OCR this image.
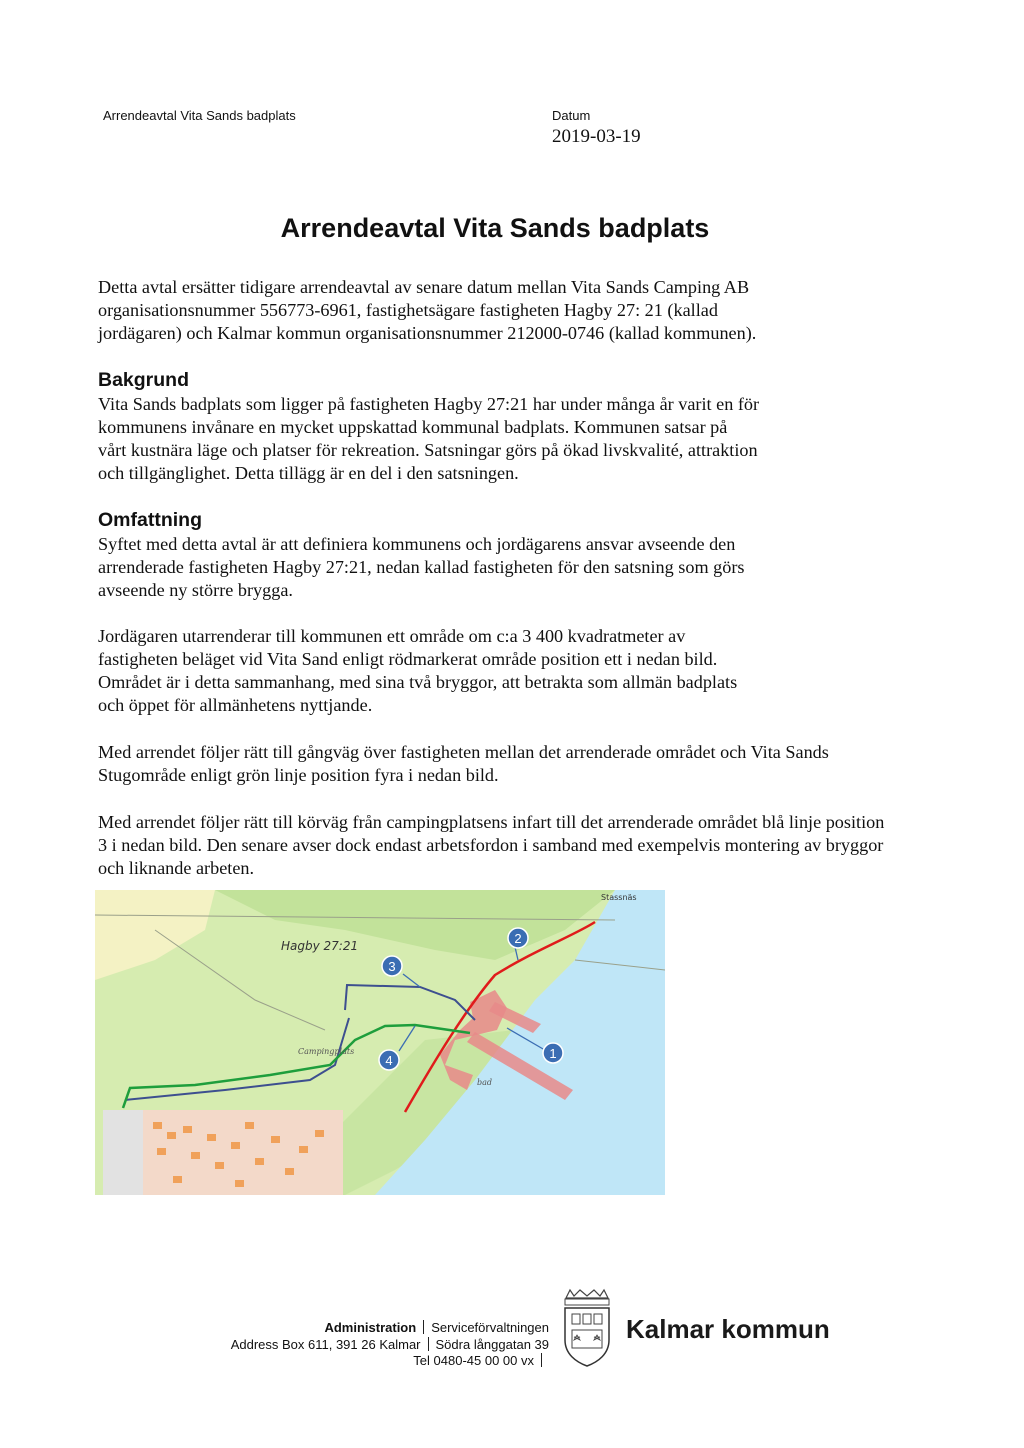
Arrendeavtal Vita Sands badplats	Datum
2019-03-19
Arrendeavtal Vita Sands badplats

Detta avtal ersätter tidigare arrendeavtal av senare datum mellan Vita Sands Camping AB
organisationsnummer 556773-6961, fastighetsägare fastigheten Hagby 27: 21 (kallad
jordägaren) och Kalmar kommun organisationsnummer 212000-0746 (kallad kommunen).

Bakgrund

Vita Sands badplats som ligger på fastigheten Hagby 27:21 har under många år varit en för
kommunens invånare en mycket uppskattad kommunal badplats. Kommunen satsar på
vårt kustnära läge och platser för rekreation. Satsningar görs på ökad livskvalité, attraktion
och tillgänglighet. Detta tillägg är en del i den satsningen.

Omfattning

Syftet med detta avtal är att definiera kommunens och jordägarens ansvar avseende den
arrenderade fastigheten Hagby 27:21, nedan kallad fastigheten för den satsning som görs
avseende ny större brygga.

Jordägaren utarrenderar till kommunen ett område om c:a 3 400 kvadratmeter av
fastigheten beläget vid Vita Sand enligt rödmarkerat område position ett i nedan bild.
Området är i detta sammanhang, med sina två bryggor, att betrakta som allmän badplats
och öppet för allmänhetens nyttjande.

Med arrendet följer rätt till gångväg över fastigheten mellan det arrenderade området och Vita Sands
Stugområde enligt grön linje position fyra i nedan bild.

Med arrendet följer rätt till körväg från campingplatsens infart till det arrenderade området blå linje position
3 i nedan bild. Den senare avser dock endast arbetsfordon i samband med exempelvis montering av bryggor
och liknande arbeten.

1
2
3
4
Hagby 27:21
Stassnäs
Campingplats
bad
Administration Serviceförvaltningen
Address Box 611, 391 26 Kalmar Södra långgatan 39
Tel 0480-45 00 00 vx
Kalmar kommun
